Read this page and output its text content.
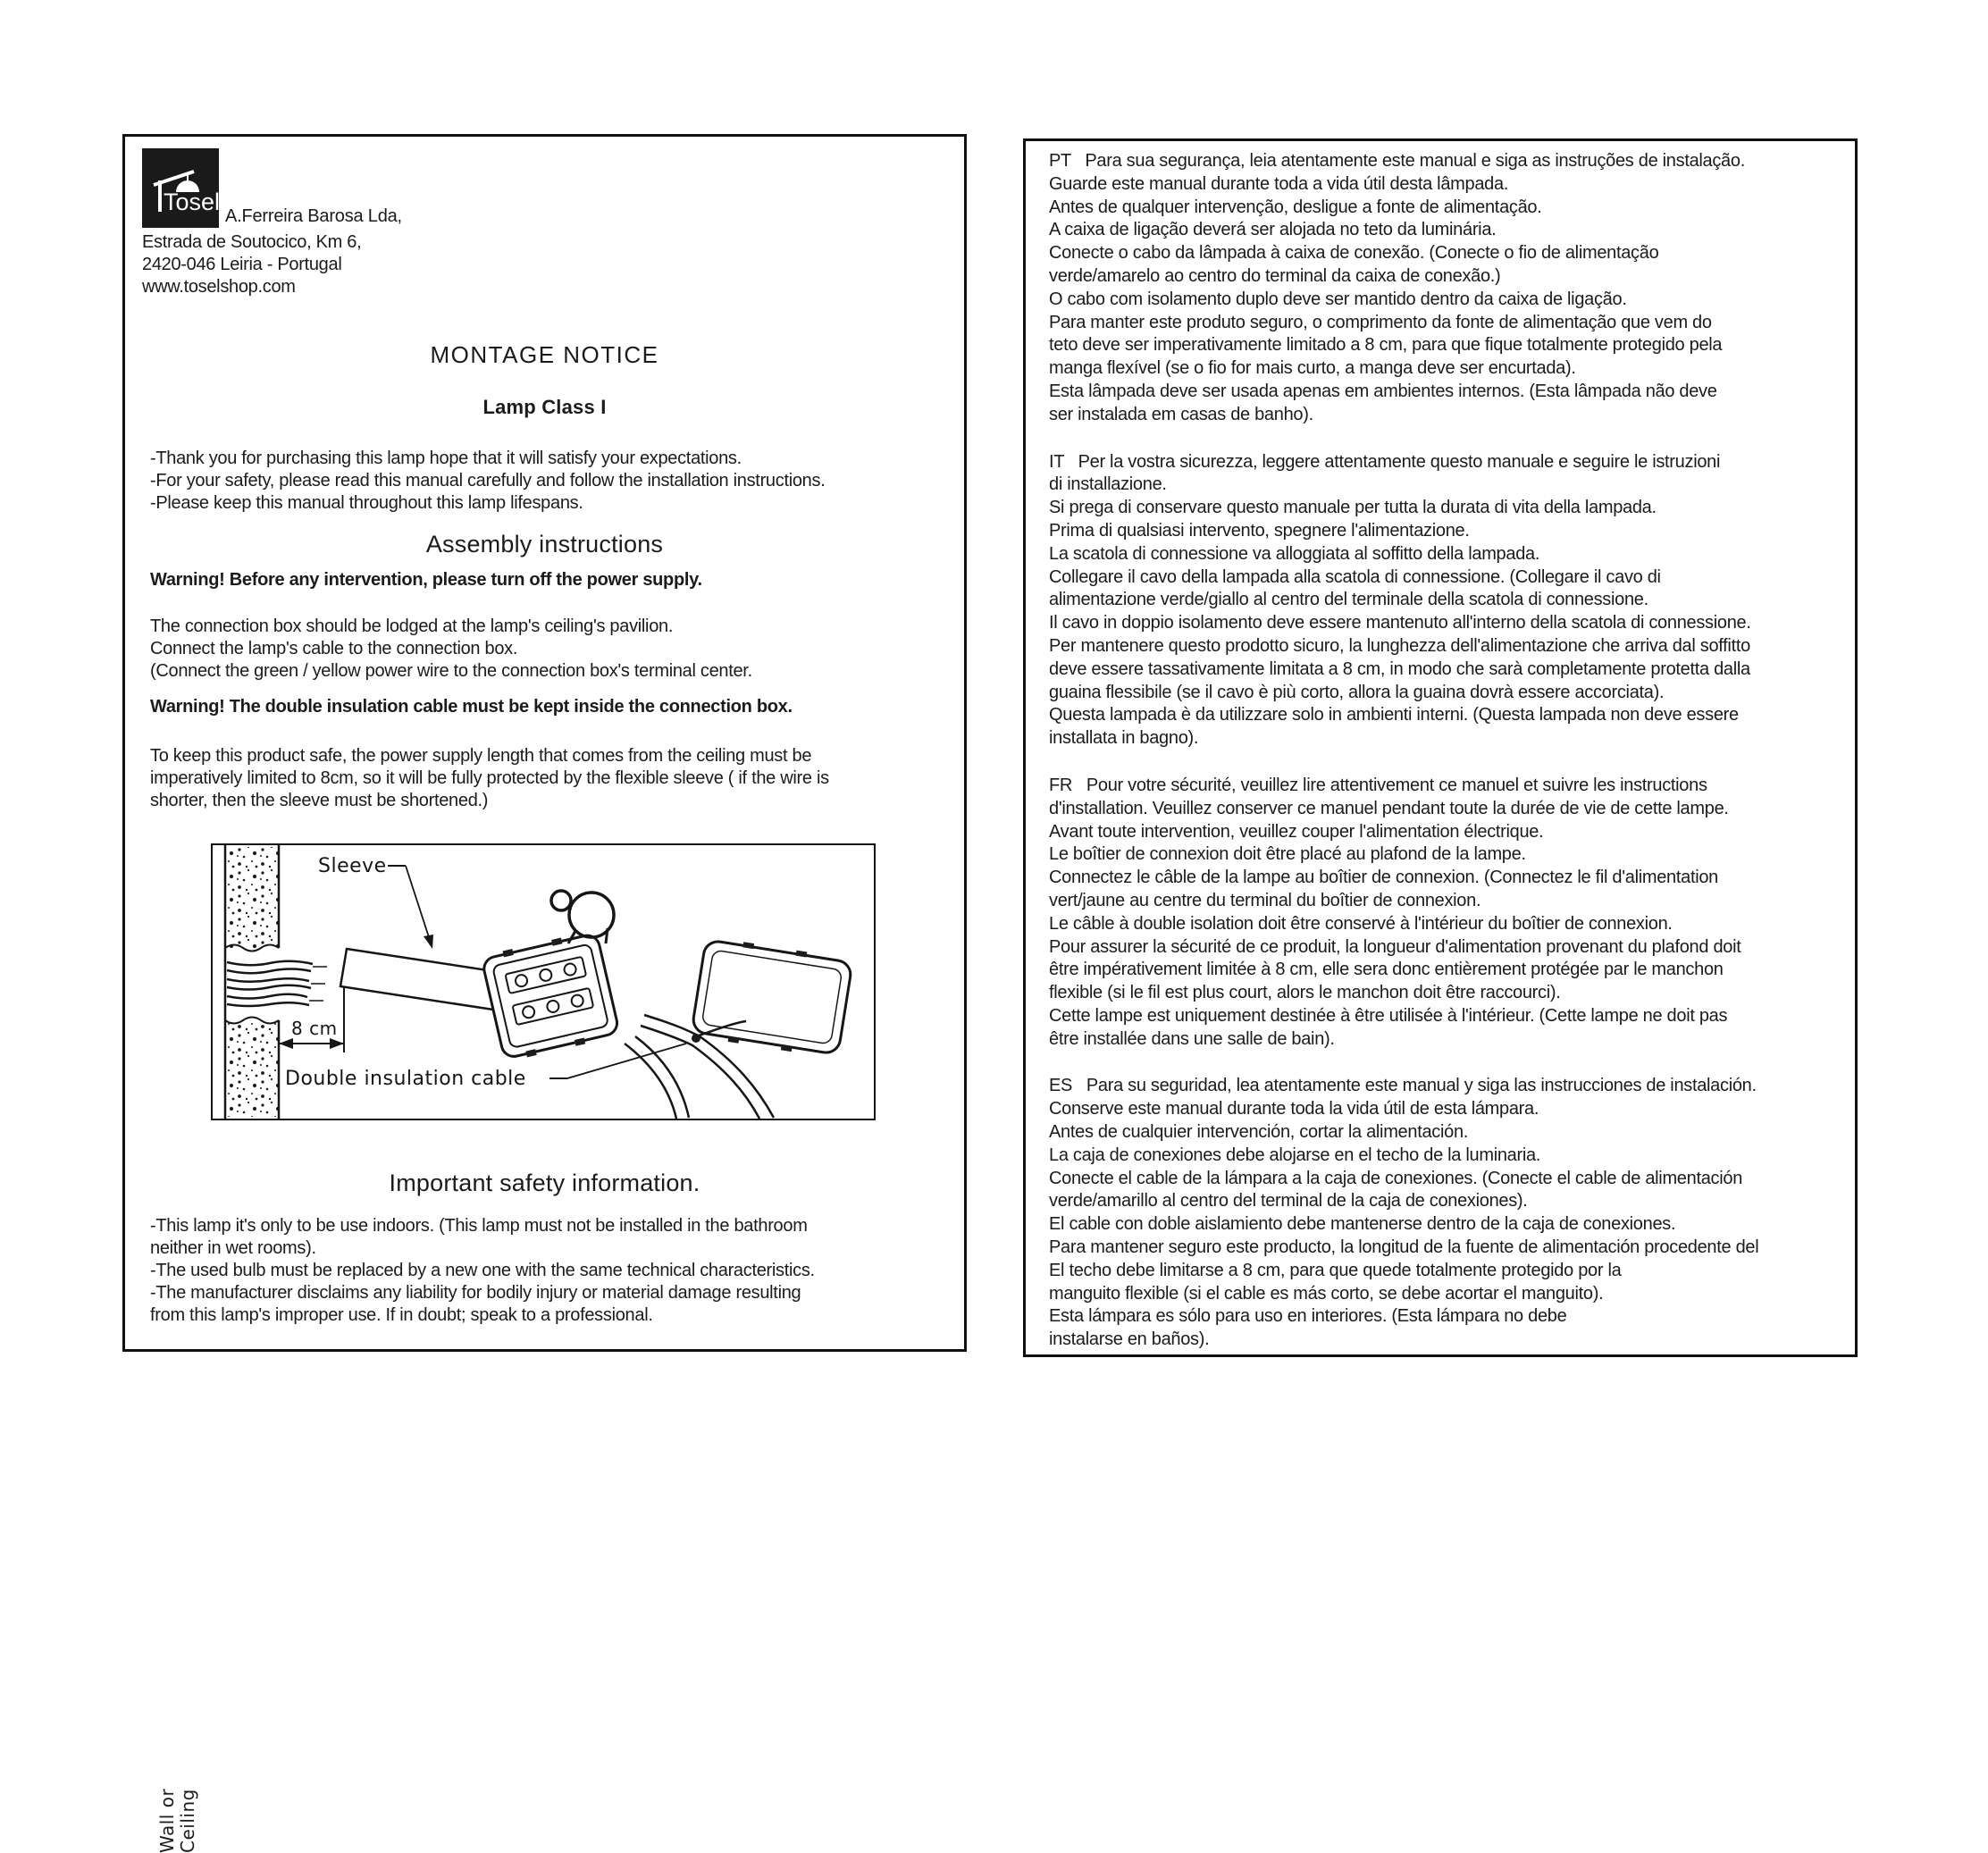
Tosel
A.Ferreira Barosa Lda,
Estrada de Soutocico, Km 6,
2420-046 Leiria - Portugal
www.toselshop.com
MONTAGE NOTICE
Lamp Class I
-Thank you for purchasing this lamp hope that it will satisfy your expectations.
-For your safety, please read this manual carefully and follow the installation instructions.
-Please keep this manual throughout this lamp lifespans.
Assembly instructions
Warning! Before any intervention, please turn off the power supply.
The connection box should be lodged at the lamp's ceiling's pavilion.
Connect the lamp's cable to the connection box.
(Connect the green / yellow power wire to the connection box's terminal center.
Warning! The double insulation cable must be kept inside the connection box.
To keep this product safe, the power supply length that comes from the ceiling must be
imperatively limited to 8cm, so it will be fully protected by the flexible sleeve ( if the wire is
shorter, then the sleeve must be shortened.)
Wall or Ceiling
8 cm
Sleeve
Double insulation cable
Important safety information.
-This lamp it's only to be use indoors. (This lamp must not be installed in the bathroom
neither in wet rooms).
-The used bulb must be replaced by a new one with the same technical characteristics.
-The manufacturer disclaims any liability for bodily injury or material damage resulting
from this lamp's improper use. If in doubt; speak to a professional.
PT   Para sua segurança, leia atentamente este manual e siga as instruções de instalação.
Guarde este manual durante toda a vida útil desta lâmpada.
Antes de qualquer intervenção, desligue a fonte de alimentação.
A caixa de ligação deverá ser alojada no teto da luminária.
Conecte o cabo da lâmpada à caixa de conexão. (Conecte o fio de alimentação
verde/amarelo ao centro do terminal da caixa de conexão.)
O cabo com isolamento duplo deve ser mantido dentro da caixa de ligação.
Para manter este produto seguro, o comprimento da fonte de alimentação que vem do
teto deve ser imperativamente limitado a 8 cm, para que fique totalmente protegido pela
manga flexível (se o fio for mais curto, a manga deve ser encurtada).
Esta lâmpada deve ser usada apenas em ambientes internos. (Esta lâmpada não deve
ser instalada em casas de banho).
IT   Per la vostra sicurezza, leggere attentamente questo manuale e seguire le istruzioni
di installazione.
Si prega di conservare questo manuale per tutta la durata di vita della lampada.
Prima di qualsiasi intervento, spegnere l'alimentazione.
La scatola di connessione va alloggiata al soffitto della lampada.
Collegare il cavo della lampada alla scatola di connessione. (Collegare il cavo di
alimentazione verde/giallo al centro del terminale della scatola di connessione.
Il cavo in doppio isolamento deve essere mantenuto all'interno della scatola di connessione.
Per mantenere questo prodotto sicuro, la lunghezza dell'alimentazione che arriva dal soffitto
deve essere tassativamente limitata a 8 cm, in modo che sarà completamente protetta dalla
guaina flessibile (se il cavo è più corto, allora la guaina dovrà essere accorciata).
Questa lampada è da utilizzare solo in ambienti interni. (Questa lampada non deve essere
installata in bagno).
FR   Pour votre sécurité, veuillez lire attentivement ce manuel et suivre les instructions
d'installation. Veuillez conserver ce manuel pendant toute la durée de vie de cette lampe.
Avant toute intervention, veuillez couper l'alimentation électrique.
Le boîtier de connexion doit être placé au plafond de la lampe.
Connectez le câble de la lampe au boîtier de connexion. (Connectez le fil d'alimentation
vert/jaune au centre du terminal du boîtier de connexion.
Le câble à double isolation doit être conservé à l'intérieur du boîtier de connexion.
Pour assurer la sécurité de ce produit, la longueur d'alimentation provenant du plafond doit
être impérativement limitée à 8 cm, elle sera donc entièrement protégée par le manchon
flexible (si le fil est plus court, alors le manchon doit être raccourci).
Cette lampe est uniquement destinée à être utilisée à l'intérieur. (Cette lampe ne doit pas
être installée dans une salle de bain).
ES   Para su seguridad, lea atentamente este manual y siga las instrucciones de instalación.
Conserve este manual durante toda la vida útil de esta lámpara.
Antes de cualquier intervención, cortar la alimentación.
La caja de conexiones debe alojarse en el techo de la luminaria.
Conecte el cable de la lámpara a la caja de conexiones. (Conecte el cable de alimentación
verde/amarillo al centro del terminal de la caja de conexiones).
El cable con doble aislamiento debe mantenerse dentro de la caja de conexiones.
Para mantener seguro este producto, la longitud de la fuente de alimentación procedente del
El techo debe limitarse a 8 cm, para que quede totalmente protegido por la
manguito flexible (si el cable es más corto, se debe acortar el manguito).
Esta lámpara es sólo para uso en interiores. (Esta lámpara no debe
instalarse en baños).
